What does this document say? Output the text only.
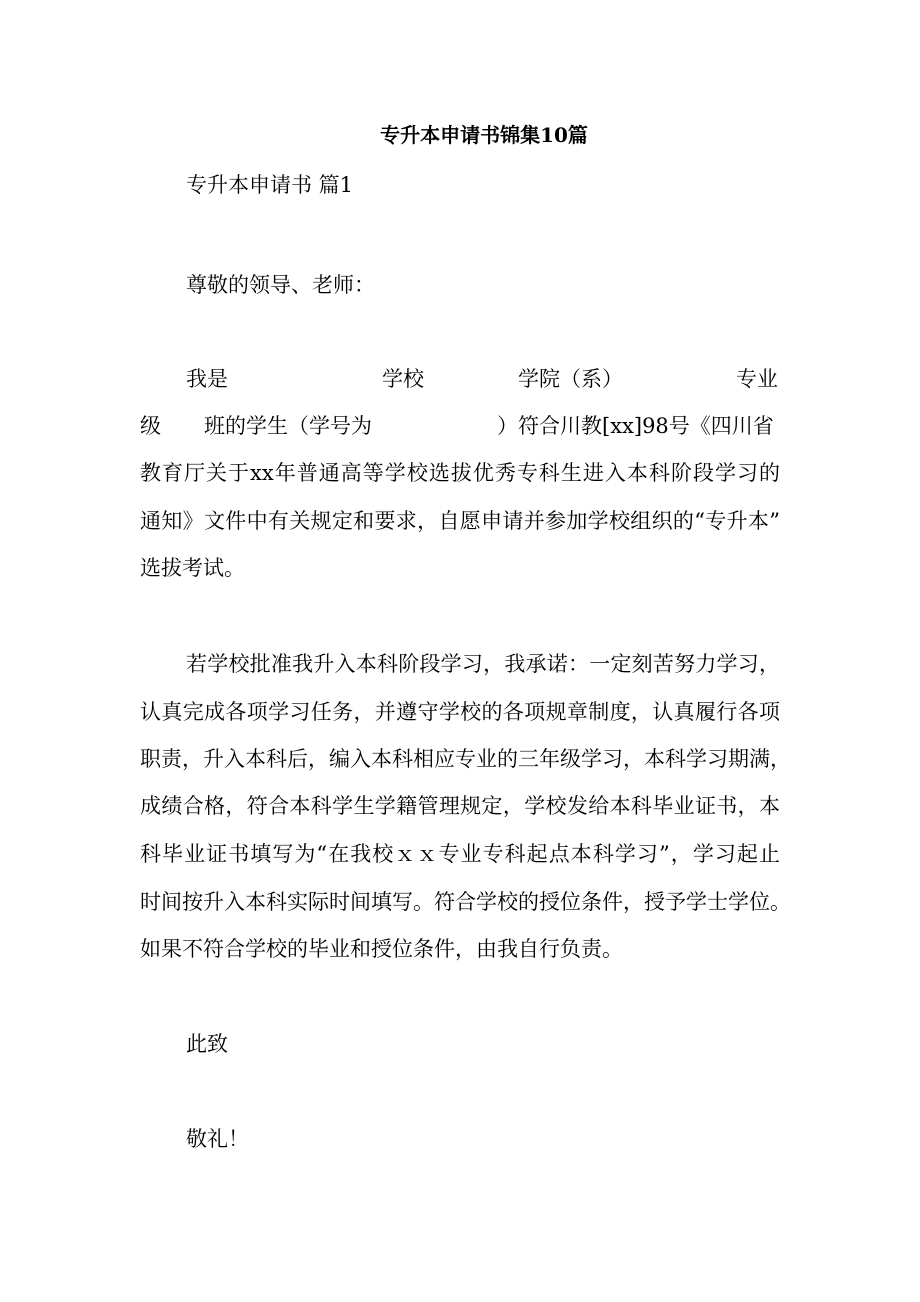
专升本申请书锦集10篇
专升本申请书 篇1
尊敬的领导、老师：
我是	学校	学院（系）	专业
级 班的学生（学号为	）符合川教[xx]98号《四川省
教育厅关于xx年普通高等学校选拔优秀专科生进入本科阶段学习的
通知》文件中有关规定和要求，自愿申请并参加学校组织的“专升本”
选拔考试。
若学校批准我升入本科阶段学习，我承诺：一定刻苦努力学习，
认真完成各项学习任务，并遵守学校的各项规章制度，认真履行各项
职责，升入本科后，编入本科相应专业的三年级学习，本科学习期满，
成绩合格，符合本科学生学籍管理规定，学校发给本科毕业证书，本
科毕业证书填写为“在我校ｘｘ专业专科起点本科学习”，学习起止
时间按升入本科实际时间填写。符合学校的授位条件，授予学士学位。
如果不符合学校的毕业和授位条件，由我自行负责。
此致
敬礼！
